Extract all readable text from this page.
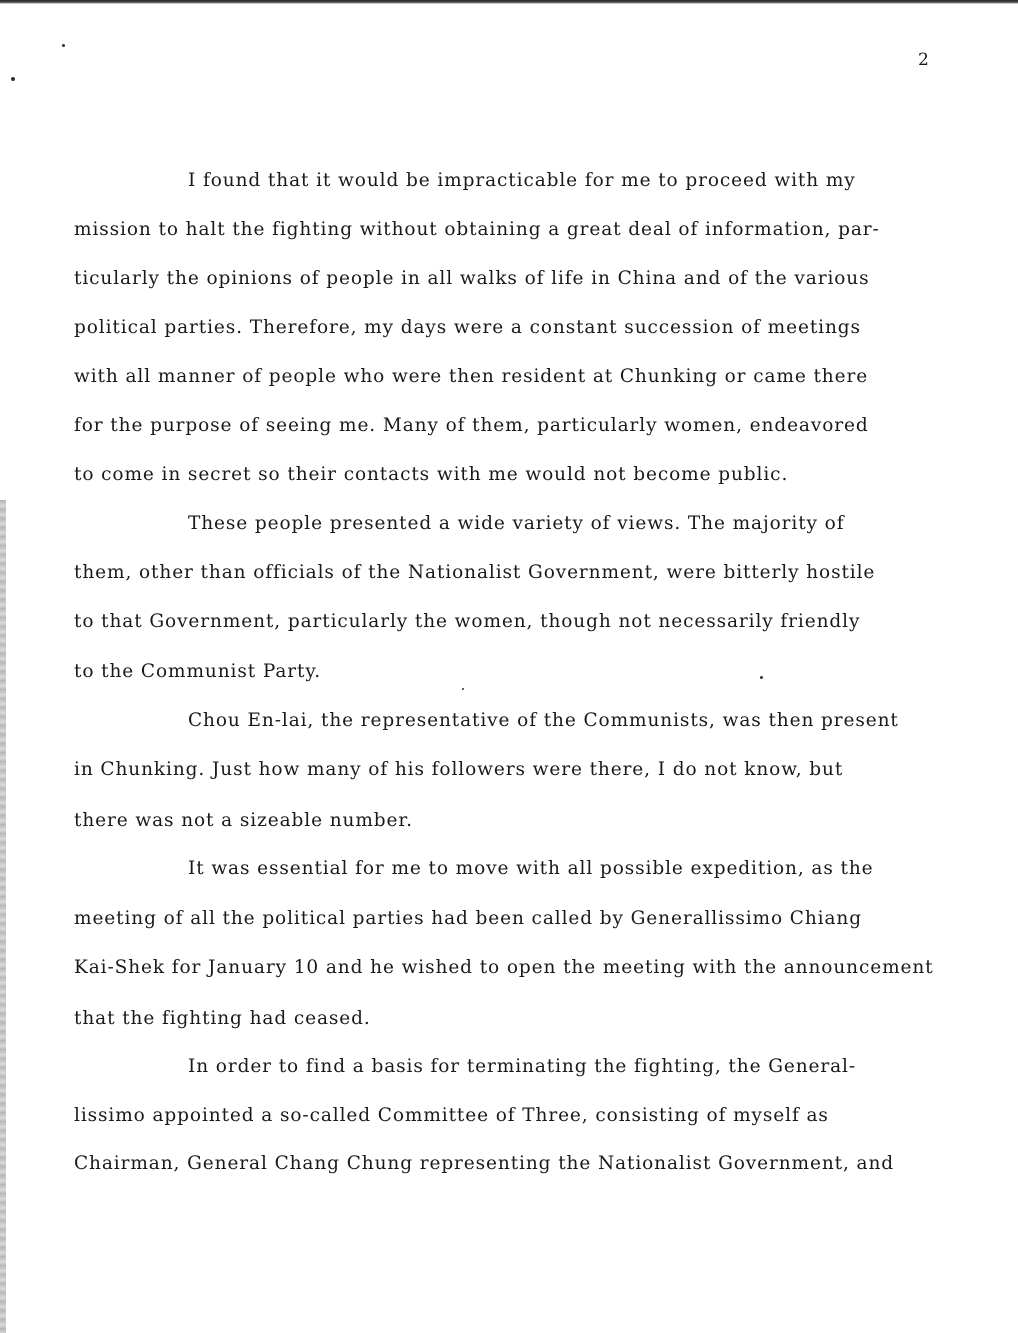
2
I found that it would be impracticable for me to proceed with my
mission to halt the fighting without obtaining a great deal of information, par-
ticularly the opinions of people in all walks of life in China and of the various
political parties. Therefore, my days were a constant succession of meetings
with all manner of people who were then resident at Chunking or came there
for the purpose of seeing me. Many of them, particularly women, endeavored
to come in secret so their contacts with me would not become public.
These people presented a wide variety of views. The majority of
them, other than officials of the Nationalist Government, were bitterly hostile
to that Government, particularly the women, though not necessarily friendly
to the Communist Party.
Chou En-lai, the representative of the Communists, was then present
in Chunking. Just how many of his followers were there, I do not know, but
there was not a sizeable number.
It was essential for me to move with all possible expedition, as the
meeting of all the political parties had been called by Generallissimo Chiang
Kai-Shek for January 10 and he wished to open the meeting with the announcement
that the fighting had ceased.
In order to find a basis for terminating the fighting, the General-
lissimo appointed a so-called Committee of Three, consisting of myself as
Chairman, General Chang Chung representing the Nationalist Government, and
